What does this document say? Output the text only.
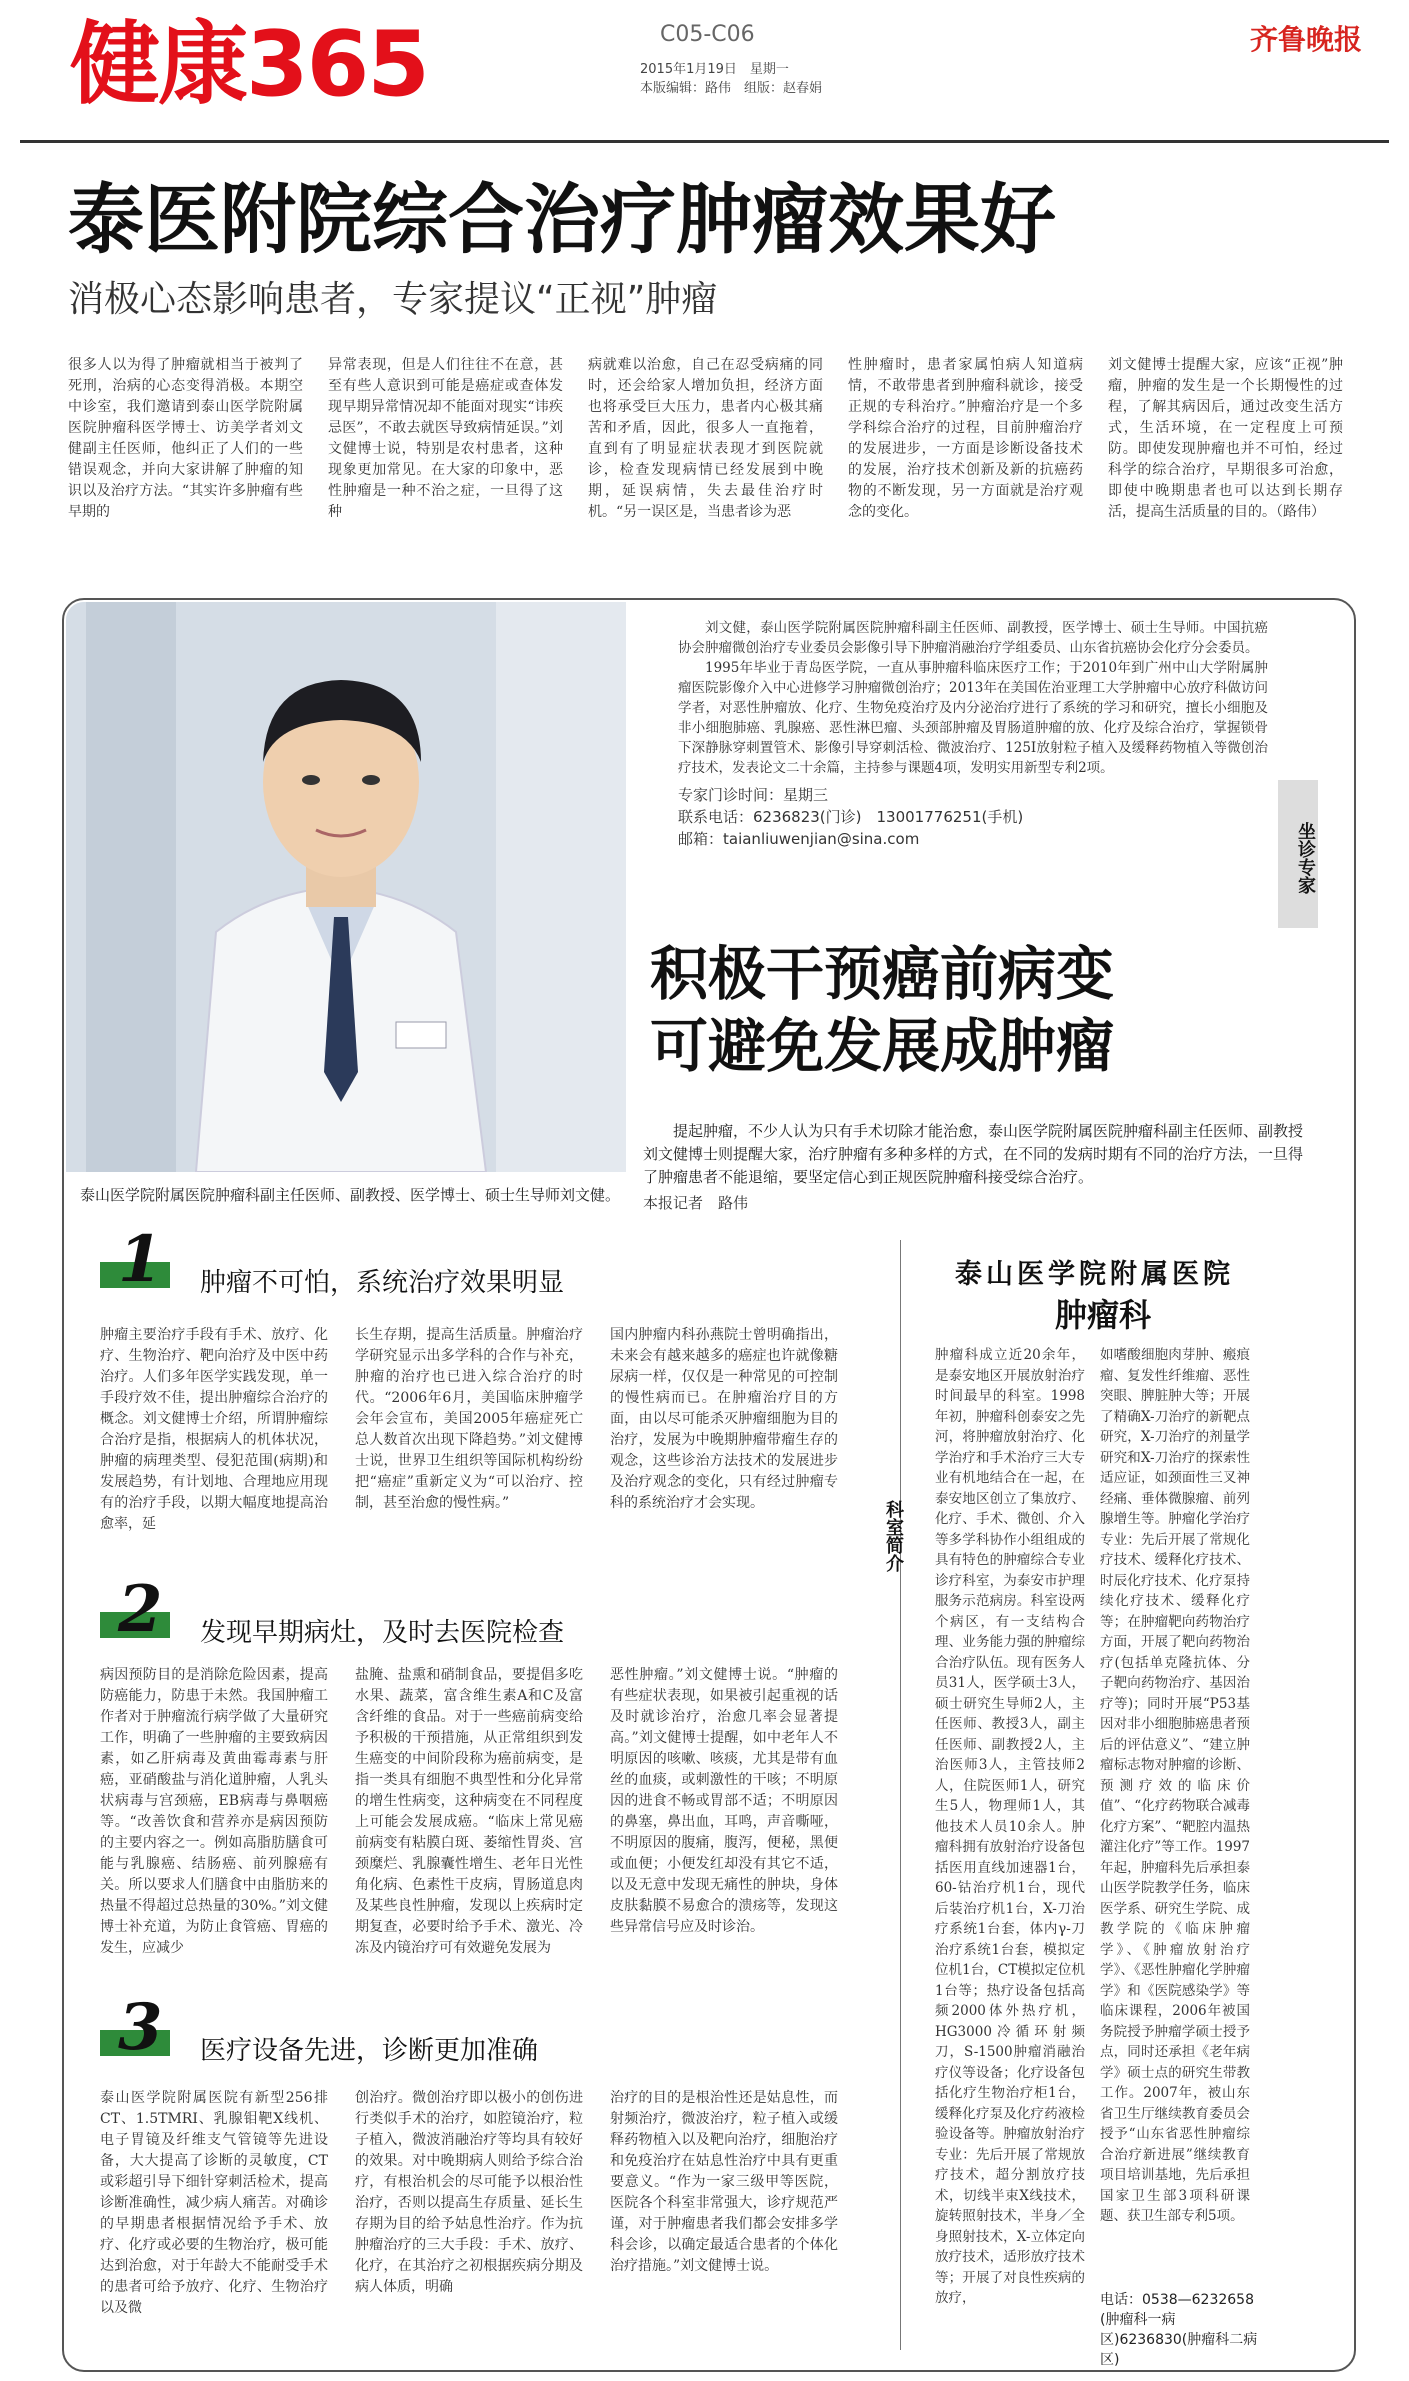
健康365	C05-C06
2015年1月19日　星期一
本版编辑：路伟　组版：赵春娟
齐鲁晚报
泰医附院综合治疗肿瘤效果好
消极心态影响患者，专家提议“正视”肿瘤

很多人以为得了肿瘤就相当于被判了死刑，治病的心态变得消极。本期空中诊室，我们邀请到泰山医学院附属医院肿瘤科医学博士、访美学者刘文健副主任医师，他纠正了人们的一些错误观念，并向大家讲解了肿瘤的知识以及治疗方法。“其实许多肿瘤有些早期的

异常表现，但是人们往往不在意，甚至有些人意识到可能是癌症或查体发现早期异常情况却不能面对现实“讳疾忌医”，不敢去就医导致病情延误。”刘文健博士说，特别是农村患者，这种现象更加常见。在大家的印象中，恶性肿瘤是一种不治之症，一旦得了这种

病就难以治愈，自己在忍受病痛的同时，还会给家人增加负担，经济方面也将承受巨大压力，患者内心极其痛苦和矛盾，因此，很多人一直拖着，直到有了明显症状表现才到医院就诊，检查发现病情已经发展到中晚期，延误病情，失去最佳治疗时机。“另一误区是，当患者诊为恶

性肿瘤时，患者家属怕病人知道病情，不敢带患者到肿瘤科就诊，接受正规的专科治疗。”肿瘤治疗是一个多学科综合治疗的过程，目前肿瘤治疗的发展进步，一方面是诊断设备技术的发展，治疗技术创新及新的抗癌药物的不断发现，另一方面就是治疗观念的变化。

刘文健博士提醒大家，应该“正视”肿瘤，肿瘤的发生是一个长期慢性的过程，了解其病因后，通过改变生活方式，生活环境，在一定程度上可预防。即使发现肿瘤也并不可怕，经过科学的综合治疗，早期很多可治愈，即使中晚期患者也可以达到长期存活，提高生活质量的目的。（路伟）

泰山医学院附属医院肿瘤科副主任医师、副教授、医学博士、硕士生导师刘文健。

刘文健，泰山医学院附属医院肿瘤科副主任医师、副教授，医学博士、硕士生导师。中国抗癌协会肿瘤微创治疗专业委员会影像引导下肿瘤消融治疗学组委员、山东省抗癌协会化疗分会委员。

1995年毕业于青岛医学院，一直从事肿瘤科临床医疗工作；于2010年到广州中山大学附属肿瘤医院影像介入中心进修学习肿瘤微创治疗；2013年在美国佐治亚理工大学肿瘤中心放疗科做访问学者，对恶性肿瘤放、化疗、生物免疫治疗及内分泌治疗进行了系统的学习和研究，擅长小细胞及非小细胞肺癌、乳腺癌、恶性淋巴瘤、头颈部肿瘤及胃肠道肿瘤的放、化疗及综合治疗，掌握锁骨下深静脉穿刺置管术、影像引导穿刺活检、微波治疗、125I放射粒子植入及缓释药物植入等微创治疗技术，发表论文二十余篇，主持参与课题4项，发明实用新型专利2项。

专家门诊时间：星期三
联系电话：6236823(门诊)　13001776251(手机)
邮箱：taianliuwenjian@sina.com	坐诊专家
积极干预癌前病变
可避免发展成肿瘤

提起肿瘤，不少人认为只有手术切除才能治愈，泰山医学院附属医院肿瘤科副主任医师、副教授刘文健博士则提醒大家，治疗肿瘤有多种多样的方式，在不同的发病时期有不同的治疗方法，一旦得了肿瘤患者不能退缩，要坚定信心到正规医院肿瘤科接受综合治疗。

本报记者　路伟
1 肿瘤不可怕，系统治疗效果明显

肿瘤主要治疗手段有手术、放疗、化疗、生物治疗、靶向治疗及中医中药治疗。人们多年医学实践发现，单一手段疗效不佳，提出肿瘤综合治疗的概念。刘文健博士介绍，所谓肿瘤综合治疗是指，根据病人的机体状况，肿瘤的病理类型、侵犯范围(病期)和发展趋势，有计划地、合理地应用现有的治疗手段，以期大幅度地提高治愈率，延

长生存期，提高生活质量。肿瘤治疗学研究显示出多学科的合作与补充，肿瘤的治疗也已进入综合治疗的时代。“2006年6月，美国临床肿瘤学会年会宣布，美国2005年癌症死亡总人数首次出现下降趋势。”刘文健博士说，世界卫生组织等国际机构纷纷把“癌症”重新定义为“可以治疗、控制，甚至治愈的慢性病。”

国内肿瘤内科孙燕院士曾明确指出，未来会有越来越多的癌症也许就像糖尿病一样，仅仅是一种常见的可控制的慢性病而已。在肿瘤治疗目的方面，由以尽可能杀灭肿瘤细胞为目的治疗，发展为中晚期肿瘤带瘤生存的观念，这些诊治方法技术的发展进步及治疗观念的变化，只有经过肿瘤专科的系统治疗才会实现。

2 发现早期病灶，及时去医院检查

病因预防目的是消除危险因素，提高防癌能力，防患于未然。我国肿瘤工作者对于肿瘤流行病学做了大量研究工作，明确了一些肿瘤的主要致病因素，如乙肝病毒及黄曲霉毒素与肝癌，亚硝酸盐与消化道肿瘤，人乳头状病毒与宫颈癌，EB病毒与鼻咽癌等。“改善饮食和营养亦是病因预防的主要内容之一。例如高脂肪膳食可能与乳腺癌、结肠癌、前列腺癌有关。所以要求人们膳食中由脂肪来的热量不得超过总热量的30%。”刘文健博士补充道，为防止食管癌、胃癌的发生，应减少

盐腌、盐熏和硝制食品，要提倡多吃水果、蔬菜，富含维生素A和C及富含纤维的食品。对于一些癌前病变给予积极的干预措施，从正常组织到发生癌变的中间阶段称为癌前病变，是指一类具有细胞不典型性和分化异常的增生性病变，这种病变在不同程度上可能会发展成癌。“临床上常见癌前病变有粘膜白斑、萎缩性胃炎、宫颈糜烂、乳腺囊性增生、老年日光性角化病、色素性干皮病，胃肠道息肉及某些良性肿瘤，发现以上疾病时定期复查，必要时给予手术、激光、冷冻及内镜治疗可有效避免发展为

恶性肿瘤。”刘文健博士说。“肿瘤的有些症状表现，如果被引起重视的话及时就诊治疗，治愈几率会显著提高。”刘文健博士提醒，如中老年人不明原因的咳嗽、咳痰，尤其是带有血丝的血痰，或刺激性的干咳；不明原因的进食不畅或胃部不适；不明原因的鼻塞，鼻出血，耳鸣，声音嘶哑，不明原因的腹痛，腹泻，便秘，黑便或血便；小便发红却没有其它不适，以及无意中发现无痛性的肿块，身体皮肤黏膜不易愈合的溃疡等，发现这些异常信号应及时诊治。

3 医疗设备先进，诊断更加准确

泰山医学院附属医院有新型256排CT、1.5TMRI、乳腺钼靶X线机、电子胃镜及纤维支气管镜等先进设备，大大提高了诊断的灵敏度，CT或彩超引导下细针穿刺活检术，提高诊断准确性，减少病人痛苦。对确诊的早期患者根据情况给予手术、放疗、化疗或必要的生物治疗，极可能达到治愈，对于年龄大不能耐受手术的患者可给予放疗、化疗、生物治疗以及微

创治疗。微创治疗即以极小的创伤进行类似手术的治疗，如腔镜治疗，粒子植入，微波消融治疗等均具有较好的效果。对中晚期病人则给予综合治疗，有根治机会的尽可能予以根治性治疗，否则以提高生存质量、延长生存期为目的给予姑息性治疗。作为抗肿瘤治疗的三大手段：手术、放疗、化疗，在其治疗之初根据疾病分期及病人体质，明确

治疗的目的是根治性还是姑息性，而射频治疗，微波治疗，粒子植入或缓释药物植入以及靶向治疗，细胞治疗和免疫治疗在姑息性治疗中具有更重要意义。“作为一家三级甲等医院，医院各个科室非常强大，诊疗规范严谨，对于肿瘤患者我们都会安排多学科会诊，以确定最适合患者的个体化治疗措施。”刘文健博士说。

泰山医学院附属医院
肿瘤科
科室简介

肿瘤科成立近20余年，是泰安地区开展放射治疗时间最早的科室。1998年初，肿瘤科创泰安之先河，将肿瘤放射治疗、化学治疗和手术治疗三大专业有机地结合在一起，在泰安地区创立了集放疗、化疗、手术、微创、介入等多学科协作小组组成的具有特色的肿瘤综合专业诊疗科室，为泰安市护理服务示范病房。科室设两个病区，有一支结构合理、业务能力强的肿瘤综合治疗队伍。现有医务人员31人，医学硕士3人，硕士研究生导师2人，主任医师、教授3人，副主任医师、副教授2人，主治医师3人，主管技师2人，住院医师1人，研究生5人，物理师1人，其他技术人员10余人。肿瘤科拥有放射治疗设备包括医用直线加速器1台，60-钴治疗机1台，现代后装治疗机1台，X-刀治疗系统1台套，体内γ-刀治疗系统1台套，模拟定位机1台，CT模拟定位机1台等；热疗设备包括高频2000体外热疗机，HG3000冷循环射频刀，S-1500肿瘤消融治疗仪等设备；化疗设备包括化疗生物治疗柜1台，缓释化疗泵及化疗药液检验设备等。肿瘤放射治疗专业：先后开展了常规放疗技术，超分割放疗技术，切线半束X线技术，旋转照射技术，半身／全身照射技术，X-立体定向放疗技术，适形放疗技术等；开展了对良性疾病的放疗，

如嗜酸细胞肉芽肿、瘢痕瘤、复发性纤维瘤、恶性突眼、脾脏肿大等；开展了精确X-刀治疗的新靶点研究，X-刀治疗的剂量学研究和X-刀治疗的探索性适应证，如颈面性三叉神经痛、垂体微腺瘤、前列腺增生等。肿瘤化学治疗专业：先后开展了常规化疗技术、缓释化疗技术、时辰化疗技术、化疗泵持续化疗技术、缓释化疗等；在肿瘤靶向药物治疗方面，开展了靶向药物治疗(包括单克隆抗体、分子靶向药物治疗、基因治疗等)；同时开展“P53基因对非小细胞肺癌患者预后的评估意义”、“建立肿瘤标志物对肿瘤的诊断、预测疗效的临床价值”、“化疗药物联合减毒化疗方案”、“靶腔内温热灌注化疗”等工作。1997年起，肿瘤科先后承担泰山医学院教学任务，临床医学系、研究生学院、成教学院的《临床肿瘤学》、《肿瘤放射治疗学》、《恶性肿瘤化学肿瘤学》和《医院感染学》等临床课程，2006年被国务院授予肿瘤学硕士授予点，同时还承担《老年病学》硕士点的研究生带教工作。2007年，被山东省卫生厅继续教育委员会授予“山东省恶性肿瘤综合治疗新进展”继续教育项目培训基地，先后承担国家卫生部3项科研课题、获卫生部专利5项。

电话：0538—6232658
(肿瘤科一病区)6236830(肿瘤科二病区)
